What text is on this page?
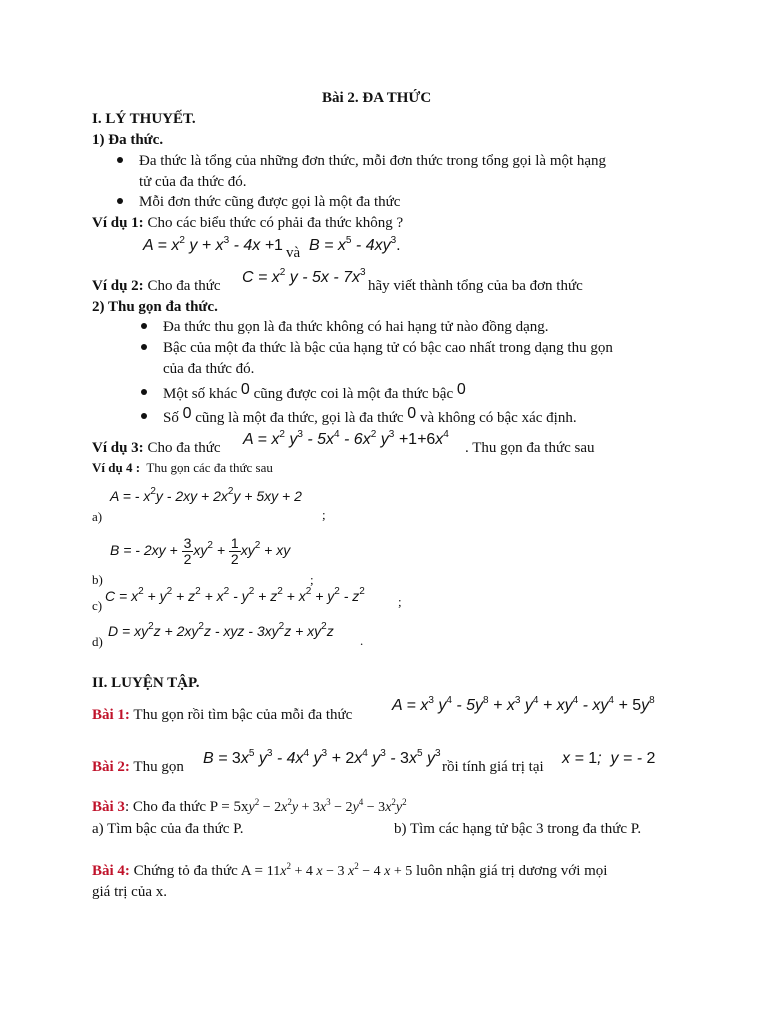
Bài 2. ĐA THỨC
I. LÝ THUYẾT.
1) Đa thức.
Đa thức là tổng của những đơn thức, mỗi đơn thức trong tổng gọi là một hạng
tử của đa thức đó.
Mỗi đơn thức cũng được gọi là một đa thức
Ví dụ 1: Cho các biểu thức có phải đa thức không ?
$A = x^2$ $y + x^3 - 4x +1$ và $B = x^5 - 4xy^3$.
Ví dụ 2: Cho đa thức $C = x^2$ y - $5x - 7x^3$
hãy viết thành tổng của ba đơn thức
2) Thu gọn đa thức.
Đa thức thu gọn là đa thức không có hai hạng tử nào đồng dạng.
Bậc của một đa thức là bậc của hạng tử có bậc cao nhất trong dạng thu gọn
của đa thức đó.
Một số khác 0 cũng được coi là một đa thức bậc 0
Số 0 cũng là một đa thức, gọi là đa thức 0 và không có bậc xác định.
Ví dụ 3: Cho đa thức $A = x^2$ $y^3 - 5x^4 - 6x^2$ $y^3 +1+6x^4$
. Thu gọn đa thức sau
Ví dụ 4 : Thu gọn các đa thức sau
A = - $x^2y - 2xy + 2x^2y + 5xy + 2$
a)	;
B = - $2xy + \frac{3}{2} xy^2 + \frac{1}{2} xy^2$ + xy
b)	;
c)
$C = x^2 + y^2 + z^2 + x^2 - y^2 + z^2 + x^2 + y^2 - z^2$
;
d)
$D = xy^2z + 2xy^2z$ - xyz - $3xy^2z + xy^2z$
.
II. LUYỆN TẬP.
Bài 1: Thu gọn rồi tìm bậc của mỗi đa thức
$A = x^3$ $y^4 - 5y^8 + x^3$ $y^4 + xy^4 - xy^4 + 5y^8$
Bài 2: Thu gọn $B = 3x^5$ $y^3 - 4x^4$ $y^3 + 2x^4$ $y^3 - 3x^5$ $y^3$
rồi tính giá trị tại x = 1;  y = - 2
Bài 3: Cho đa thức $P = 5xy^2 - 2x^2y + 3x^3 - 2y^4 - 3x^2y^2$
a) Tìm bậc của đa thức P.	b) Tìm các hạng tử bậc 3 trong đa thức P.
Bài 4: Chứng tỏ đa thức $A = 11x^2 + 4$ x − 3 $x^2 - 4$ x + 5 luôn nhận giá trị dương với mọi
giá trị của x.
